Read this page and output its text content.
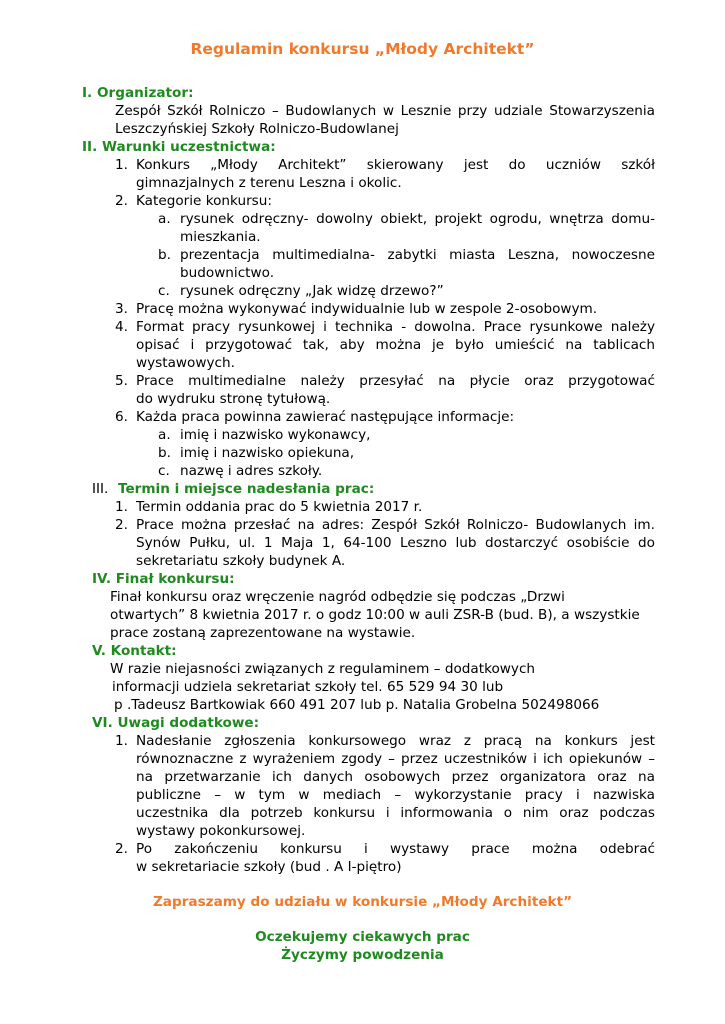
Regulamin konkursu „Młody Architekt”
I. Organizator:
Zespół Szkół Rolniczo – Budowlanych w Lesznie przy udziale Stowarzyszenia
Leszczyńskiej Szkoły Rolniczo-Budowlanej
II. Warunki uczestnictwa:
1. Konkurs „Młody Architekt” skierowany jest do uczniów szkół
gimnazjalnych z terenu Leszna i okolic.
2. Kategorie konkursu:
a. rysunek odręczny- dowolny obiekt, projekt ogrodu, wnętrza domu-
mieszkania.
b. prezentacja multimedialna- zabytki miasta Leszna, nowoczesne
budownictwo.
c. rysunek odręczny „Jak widzę drzewo?”
3. Pracę można wykonywać indywidualnie lub w zespole 2-osobowym.
4. Format pracy rysunkowej i technika - dowolna. Prace rysunkowe należy
opisać i przygotować tak, aby można je było umieścić na tablicach
wystawowych.
5. Prace multimedialne należy przesyłać na płycie oraz przygotować
do wydruku stronę tytułową.
6. Każda praca powinna zawierać następujące informacje:
a. imię i nazwisko wykonawcy,
b. imię i nazwisko opiekuna,
c. nazwę i adres szkoły.
III. Termin i miejsce nadesłania prac:
1. Termin oddania prac do 5 kwietnia 2017 r.
2. Prace można przesłać na adres: Zespół Szkół Rolniczo- Budowlanych im.
Synów Pułku, ul. 1 Maja 1, 64-100 Leszno lub dostarczyć osobiście do
sekretariatu szkoły budynek A.
IV. Finał konkursu:
Finał konkursu oraz wręczenie nagród odbędzie się podczas „Drzwi
otwartych” 8 kwietnia 2017 r. o godz 10:00 w auli ZSR-B (bud. B), a wszystkie
prace zostaną zaprezentowane na wystawie.
V. Kontakt:
W razie niejasności związanych z regulaminem – dodatkowych
informacji udziela sekretariat szkoły tel. 65 529 94 30 lub
p .Tadeusz Bartkowiak 660 491 207 lub p. Natalia Grobelna 502498066
VI. Uwagi dodatkowe:
1. Nadesłanie zgłoszenia konkursowego wraz z pracą na konkurs jest
równoznaczne z wyrażeniem zgody – przez uczestników i ich opiekunów –
na przetwarzanie ich danych osobowych przez organizatora oraz na
publiczne – w tym w mediach – wykorzystanie pracy i nazwiska
uczestnika dla potrzeb konkursu i informowania o nim oraz podczas
wystawy pokonkursowej.
2. Po zakończeniu konkursu i wystawy prace można odebrać
w sekretariacie szkoły (bud . A I-piętro)
Zapraszamy do udziału w konkursie „Młody Architekt”
Oczekujemy ciekawych prac
Życzymy powodzenia
